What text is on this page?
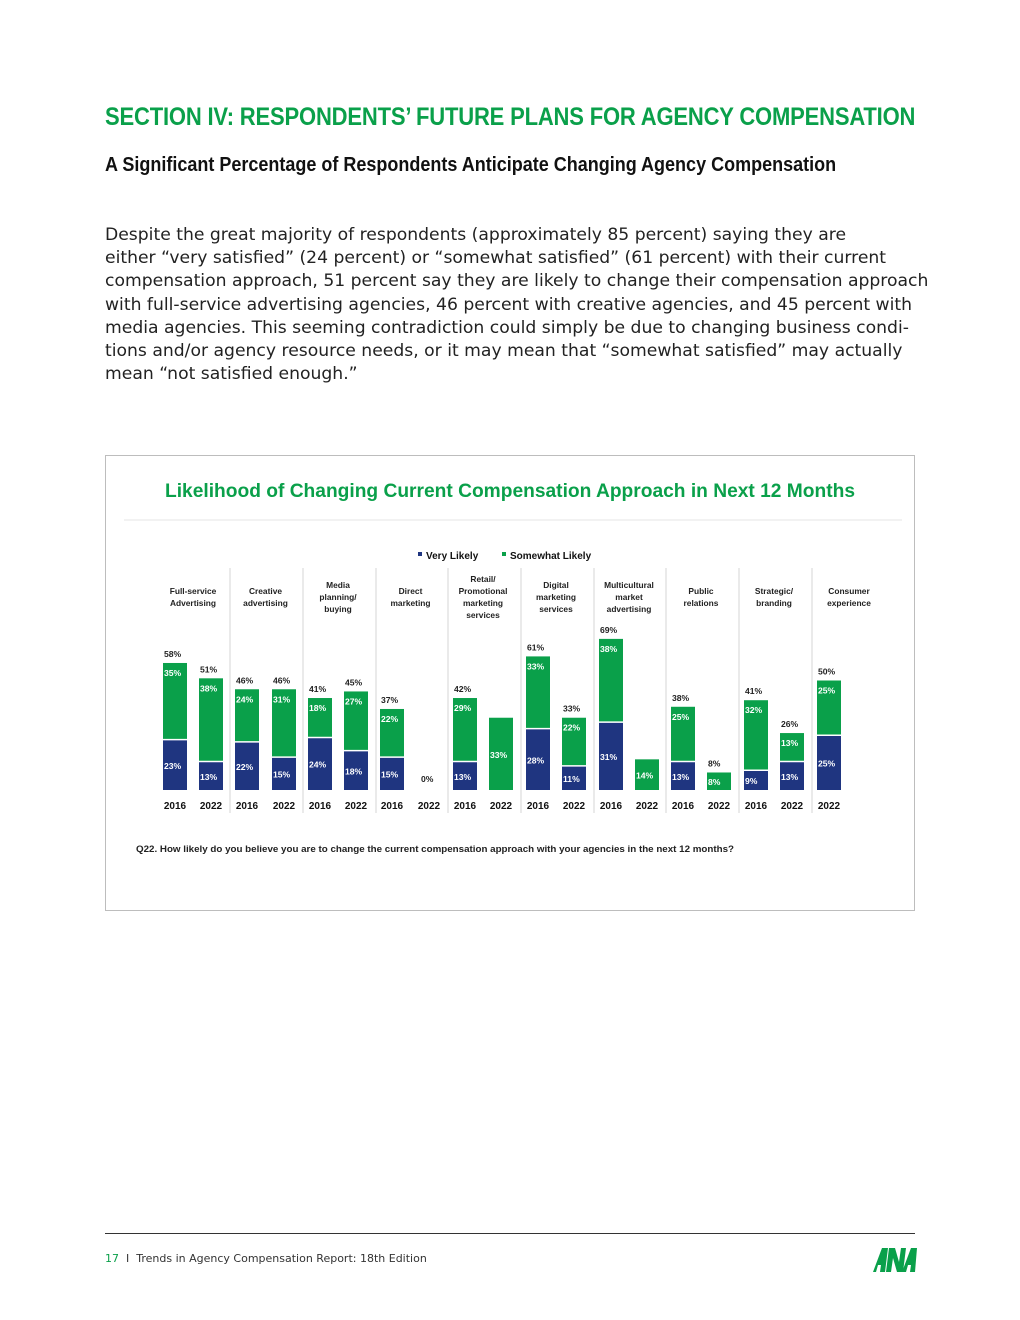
SECTION IV: RESPONDENTS’ FUTURE PLANS FOR AGENCY COMPENSATION
A Significant Percentage of Respondents Anticipate Changing Agency Compensation
Despite the great majority of respondents (approximately 85 percent) saying they are
either “very satisfied” (24 percent) or “somewhat satisfied” (61 percent) with their current
compensation approach, 51 percent say they are likely to change their compensation approach
with full-service advertising agencies, 46 percent with creative agencies, and 45 percent with
media agencies. This seeming contradiction could simply be due to changing business condi-
tions and/or agency resource needs, or it may mean that “somewhat satisfied” may actually
mean “not satisfied enough.”
Likelihood of Changing Current Compensation Approach in Next 12 Months
Very Likely	Somewhat Likely
Full-service
Advertising
23%
35%
58%
2016
13%
38%
51%
2022
Creative
advertising
22%
24%
46%
2016
15%
31%
46%
2022
Media
planning/
buying
24%
18%
41%
2016
18%
27%
45%
2022
Direct
marketing
15%
22%
37%
2016
0%
2022
Retail/
Promotional
marketing
services
13%
29%
42%
2016
33%
2022
Digital
marketing
services
28%
33%
61%
2016
11%
22%
33%
2022
Multicultural
market
advertising
31%
38%
69%
2016
14%
2022
Public
relations
13%
25%
38%
2016
8%
8%
2022
Strategic/
branding
9%
32%
41%
2016
13%
13%
26%
2022
Consumer
experience
25%
25%
50%
2022
Q22. How likely do you believe you are to change the current compensation approach with your agencies in the next 12 months?
17 I Trends in Agency Compensation Report: 18th Edition
